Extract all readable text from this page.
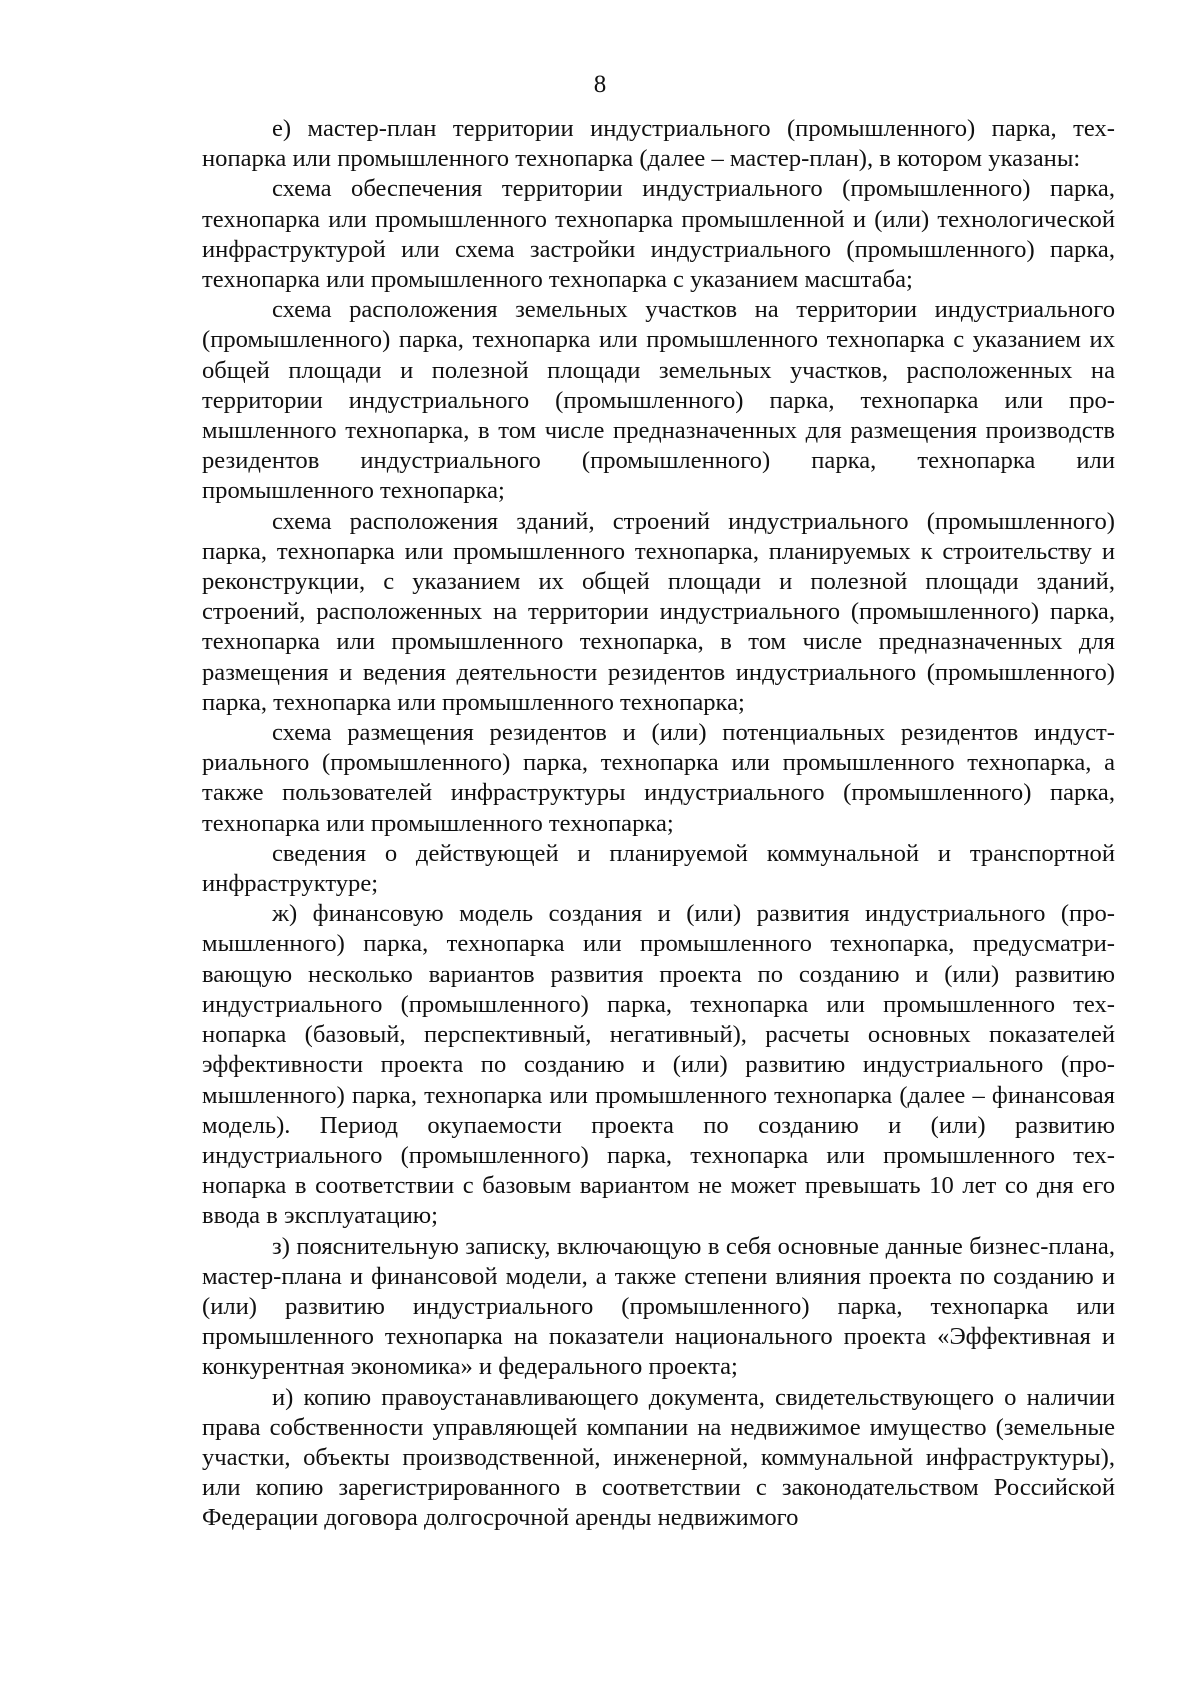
8

е) мастер-план территории индустриального (промышленного) парка, технопарка или промышленного технопарка (далее – мастер-план), в котором указаны:

схема обеспечения территории индустриального (промышленного) парка, технопарка или промышленного технопарка промышленной и (или) технологической инфраструктурой или схема застройки индустриального (промышленного) парка, технопарка или промышленного технопарка с указанием масштаба;

схема расположения земельных участков на территории индустриального (промышленного) парка, технопарка или промышленного технопарка с указанием их общей площади и полезной площади земельных участков, расположенных на территории индустриального (промышленного) парка, технопарка или промышленного технопарка, в том числе предназначенных для размещения производств резидентов индустриального (промышленного) парка, технопарка или промышленного технопарка;

схема расположения зданий, строений индустриального (промышленного) парка, технопарка или промышленного технопарка, планируемых к строительству и реконструкции, с указанием их общей площади и полезной площади зданий, строений, расположенных на территории индустриального (промышленного) парка, технопарка или промышленного технопарка, в том числе предназначенных для размещения и ведения деятельности резидентов индустриального (промышленного) парка, технопарка или промышленного технопарка;

схема размещения резидентов и (или) потенциальных резидентов индустриального (промышленного) парка, технопарка или промышленного технопарка, а также пользователей инфраструктуры индустриального (промышленного) парка, технопарка или промышленного технопарка;

сведения о действующей и планируемой коммунальной и транспортной инфраструктуре;

ж) финансовую модель создания и (или) развития индустриального (промышленного) парка, технопарка или промышленного технопарка, предусматривающую несколько вариантов развития проекта по созданию и (или) развитию индустриального (промышленного) парка, технопарка или промышленного технопарка (базовый, перспективный, негативный), расчеты основных показателей эффективности проекта по созданию и (или) развитию индустриального (промышленного) парка, технопарка или промышленного технопарка (далее – финансовая модель). Период окупаемости проекта по созданию и (или) развитию индустриального (промышленного) парка, технопарка или промышленного технопарка в соответствии с базовым вариантом не может превышать 10 лет со дня его ввода в эксплуатацию;

з) пояснительную записку, включающую в себя основные данные бизнес-плана, мастер-плана и финансовой модели, а также степени влияния проекта по созданию и (или) развитию индустриального (промышленного) парка, технопарка или промышленного технопарка на показатели национального проекта «Эффективная и конкурентная экономика» и федерального проекта;

и) копию правоустанавливающего документа, свидетельствующего о наличии права собственности управляющей компании на недвижимое имущество (земельные участки, объекты производственной, инженерной, коммунальной инфраструктуры), или копию зарегистрированного в соответствии с законодательством Российской Федерации договора долгосрочной аренды недвижимого
